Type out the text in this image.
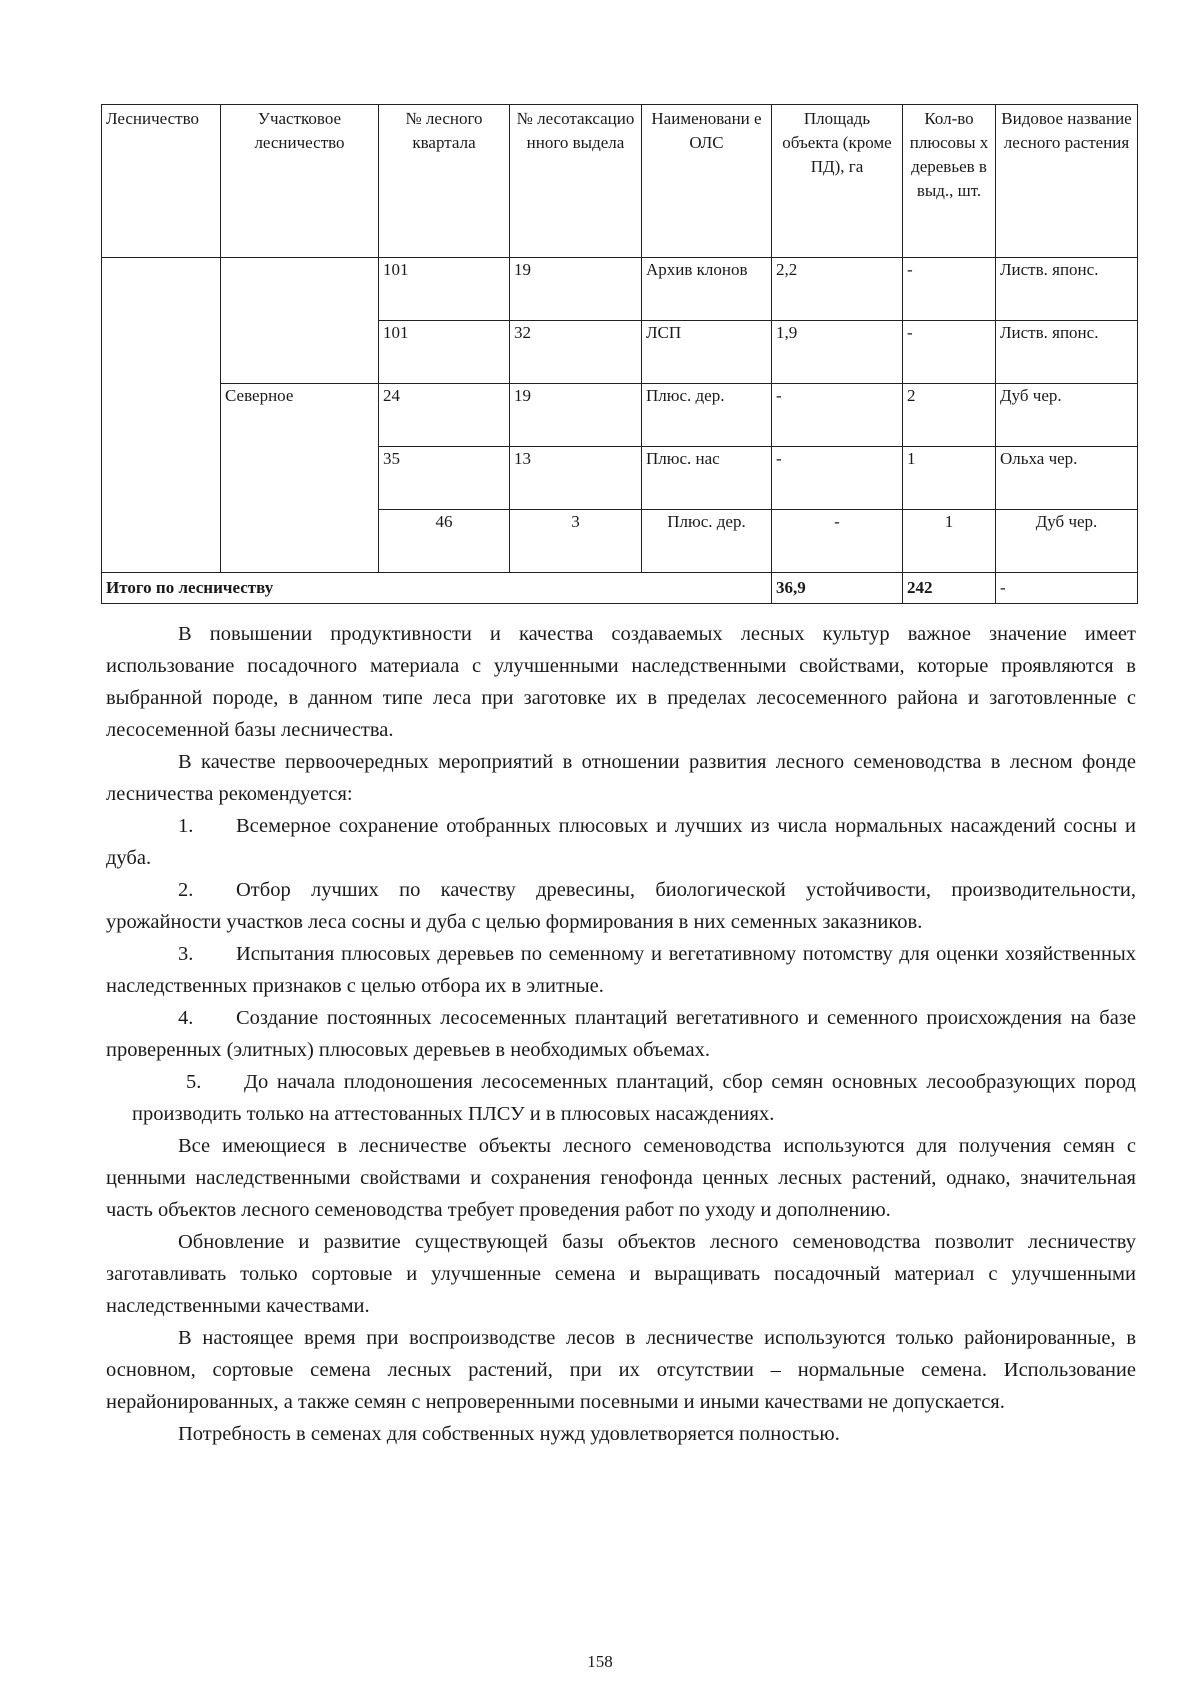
Лесничество	Участковое лесничество	№ лесного квартала	№ лесотаксацио нного выдела	Наименовани е ОЛС	Площадь объекта (кроме ПД), га	Кол-во плюсовы х деревьев в выд., шт.	Видовое название лесного растения
		101	19	Архив клонов	2,2	-	Листв. японс.
		101	32	ЛСП	1,9	-	Листв. японс.
	Северное	24	19	Плюс. дер.	-	2	Дуб чер.
		35	13	Плюс. нас	-	1	Ольха чер.
		46	3	Плюс. дер.	-	1	Дуб чер.
Итого по лесничеству					36,9	242	-

В повышении продуктивности и качества создаваемых лесных культур важное значение имеет использование посадочного материала с улучшенными наследственными свойствами, которые проявляются в выбранной породе, в данном типе леса при заготовке их в пределах лесосеменного района и заготовленные с лесосеменной базы лесничества.

В качестве первоочередных мероприятий в отношении развития лесного семеноводства в лесном фонде лесничества рекомендуется:

1. Всемерное сохранение отобранных плюсовых и лучших из числа нормальных насаждений сосны и дуба.

2. Отбор лучших по качеству древесины, биологической устойчивости, производительности, урожайности участков леса сосны и дуба с целью формирования в них семенных заказников.

3. Испытания плюсовых деревьев по семенному и вегетативному потомству для оценки хозяйственных наследственных признаков с целью отбора их в элитные.

4. Создание постоянных лесосеменных плантаций вегетативного и семенного происхождения на базе проверенных (элитных) плюсовых деревьев в необходимых объемах.

5. До начала плодоношения лесосеменных плантаций, сбор семян основных лесообразующих пород производить только на аттестованных ПЛСУ и в плюсовых насаждениях.

Все имеющиеся в лесничестве объекты лесного семеноводства используются для получения семян с ценными наследственными свойствами и сохранения генофонда ценных лесных растений, однако, значительная часть объектов лесного семеноводства требует проведения работ по уходу и дополнению.

Обновление и развитие существующей базы объектов лесного семеноводства позволит лесничеству заготавливать только сортовые и улучшенные семена и выращивать посадочный материал с улучшенными наследственными качествами.

В настоящее время при воспроизводстве лесов в лесничестве используются только районированные, в основном, сортовые семена лесных растений, при их отсутствии – нормальные семена. Использование нерайонированных, а также семян с непроверенными посевными и иными качествами не допускается.

Потребность в семенах для собственных нужд удовлетворяется полностью.

158
